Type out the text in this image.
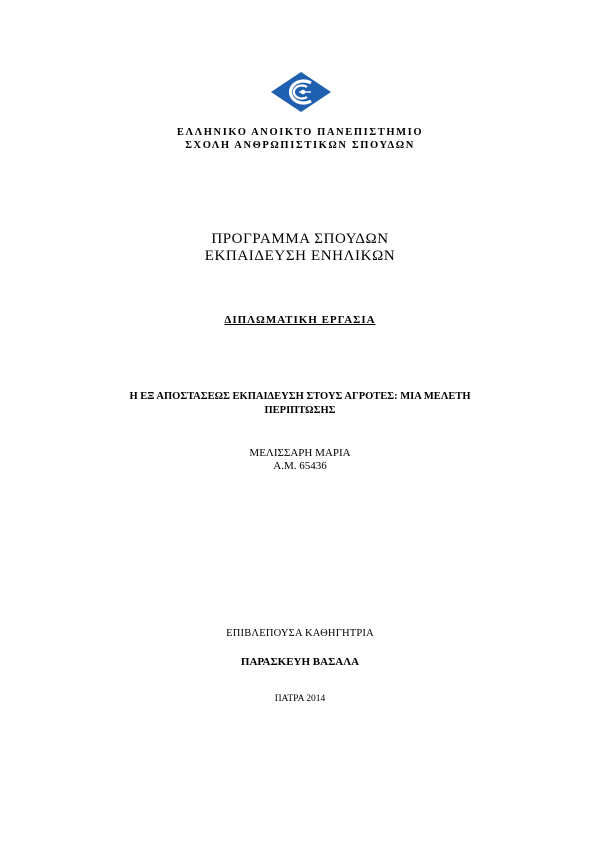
ΕΛΛΗΝΙΚΟ ΑΝΟΙΚΤΟ ΠΑΝΕΠΙΣΤΗΜΙΟ
ΣΧΟΛΗ ΑΝΘΡΩΠΙΣΤΙΚΩΝ ΣΠΟΥΔΩΝ
ΠΡΟΓΡΑΜΜΑ ΣΠΟΥΔΩΝ
ΕΚΠΑΙΔΕΥΣΗ ΕΝΗΛΙΚΩΝ
ΔΙΠΛΩΜΑΤΙΚΗ ΕΡΓΑΣΙΑ
Η ΕΞ ΑΠΟΣΤΑΣΕΩΣ ΕΚΠΑΙΔΕΥΣΗ ΣΤΟΥΣ ΑΓΡΟΤΕΣ: ΜΙΑ ΜΕΛΕΤΗ
ΠΕΡΙΠΤΩΣΗΣ
ΜΕΛΙΣΣΑΡΗ ΜΑΡΙΑ
Α.Μ. 65436
ΕΠΙΒΛΕΠΟΥΣΑ ΚΑΘΗΓΗΤΡΙΑ
ΠΑΡΑΣΚΕΥΗ ΒΑΣΑΛΑ
ΠΑΤΡΑ 2014
